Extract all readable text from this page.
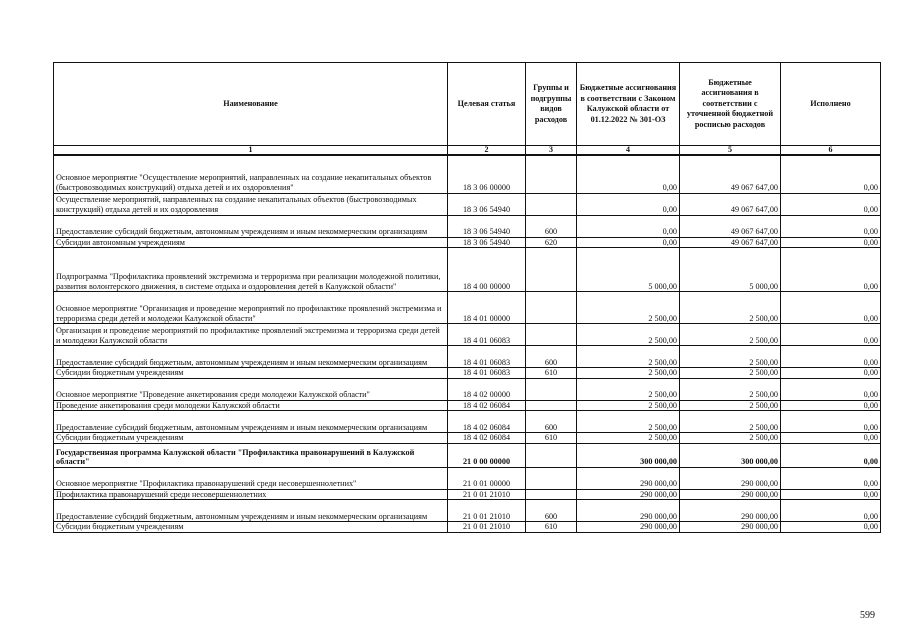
Наименование	Целевая статья	Группы и подгруппы видов расходов	Бюджетные ассигнования в соответствии с Законом Калужской области от 01.12.2022 № 301-ОЗ	Бюджетные ассигнования в соответствии с уточненной бюджетной росписью расходов	Исполнено
1	2	3	4	5	6
Основное мероприятие "Осуществление мероприятий, направленных на создание некапитальных объектов (быстровозводимых конструкций) отдыха детей и их оздоровления"	18 3 06 00000		0,00	49 067 647,00	0,00
Осуществление мероприятий, направленных на создание некапитальных объектов (быстровозводимых конструкций) отдыха детей и их оздоровления	18 3 06 54940		0,00	49 067 647,00	0,00
Предоставление субсидий бюджетным, автономным учреждениям и иным некоммерческим организациям	18 3 06 54940	600	0,00	49 067 647,00	0,00
Субсидии автономным учреждениям	18 3 06 54940	620	0,00	49 067 647,00	0,00
Подпрограмма "Профилактика проявлений экстремизма и терроризма при реализации молодежной политики, развития волонтерского движения, в системе отдыха и оздоровления детей в Калужской области"	18 4 00 00000		5 000,00	5 000,00	0,00
Основное мероприятие "Организация и проведение мероприятий по профилактике проявлений экстремизма и терроризма среди детей и молодежи Калужской области"	18 4 01 00000		2 500,00	2 500,00	0,00
Организация и проведение мероприятий по профилактике проявлений экстремизма и терроризма среди детей и молодежи Калужской области	18 4 01 06083		2 500,00	2 500,00	0,00
Предоставление субсидий бюджетным, автономным учреждениям и иным некоммерческим организациям	18 4 01 06083	600	2 500,00	2 500,00	0,00
Субсидии бюджетным учреждениям	18 4 01 06083	610	2 500,00	2 500,00	0,00
Основное мероприятие "Проведение анкетирования среди молодежи Калужской области"	18 4 02 00000		2 500,00	2 500,00	0,00
Проведение анкетирования среди молодежи Калужской области	18 4 02 06084		2 500,00	2 500,00	0,00
Предоставление субсидий бюджетным, автономным учреждениям и иным некоммерческим организациям	18 4 02 06084	600	2 500,00	2 500,00	0,00
Субсидии бюджетным учреждениям	18 4 02 06084	610	2 500,00	2 500,00	0,00
Государственная программа Калужской области "Профилактика правонарушений в Калужской области"	21 0 00 00000		300 000,00	300 000,00	0,00
Основное мероприятие "Профилактика правонарушений среди несовершеннолетних"	21 0 01 00000		290 000,00	290 000,00	0,00
Профилактика правонарушений среди несовершеннолетних	21 0 01 21010		290 000,00	290 000,00	0,00
Предоставление субсидий бюджетным, автономным учреждениям и иным некоммерческим организациям	21 0 01 21010	600	290 000,00	290 000,00	0,00
Субсидии бюджетным учреждениям	21 0 01 21010	610	290 000,00	290 000,00	0,00
599
